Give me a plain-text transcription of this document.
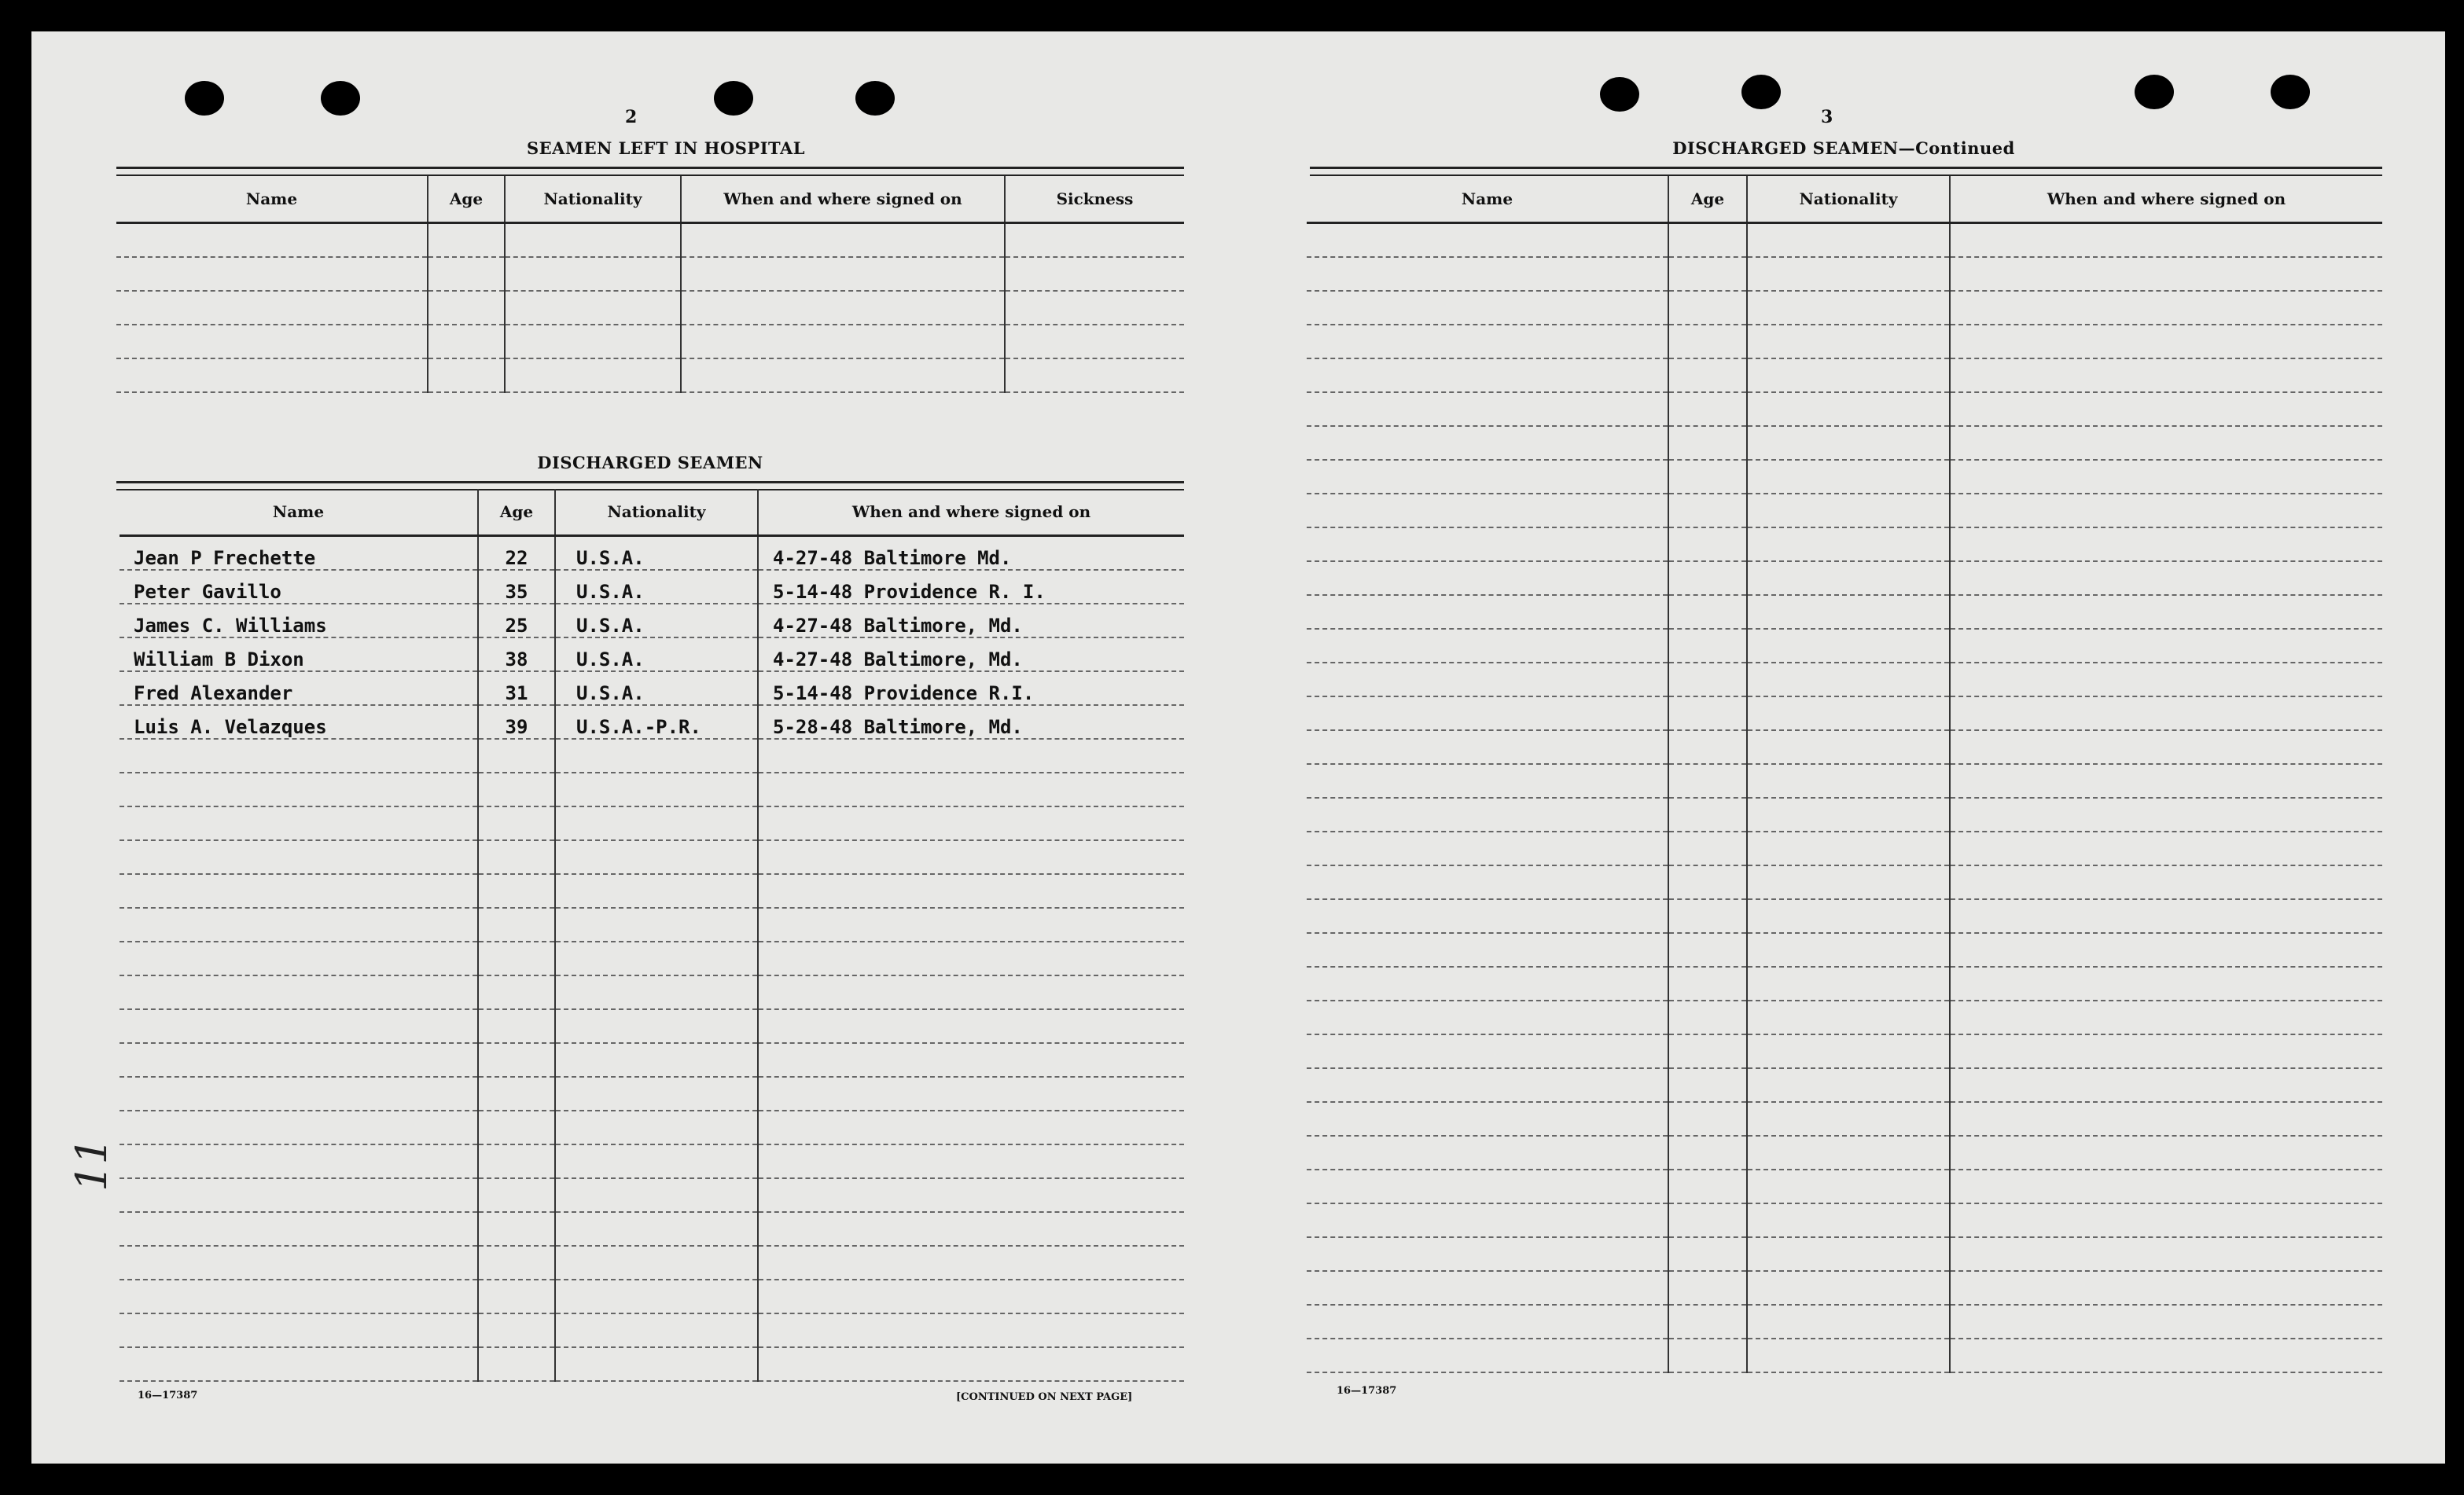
2
SEAMEN LEFT IN HOSPITAL
Name	Age	Nationality	When and where signed on	Sickness

DISCHARGED SEAMEN
Name	Age	Nationality	When and where signed on
Jean P Frechette	22	U.S.A.	4-27-48 Baltimore Md.
Peter Gavillo	35	U.S.A.	5-14-48 Providence R. I.
James C. Williams	25	U.S.A.	4-27-48 Baltimore, Md.
William B Dixon	38	U.S.A.	4-27-48 Baltimore, Md.
Fred Alexander	31	U.S.A.	5-14-48 Providence R.I.
Luis A. Velazques	39	U.S.A.-P.R.	5-28-48 Baltimore, Md.

16—17387	[CONTINUED ON NEXT PAGE]
11
3
DISCHARGED SEAMEN—Continued
Name	Age	Nationality	When and where signed on

16—17387
